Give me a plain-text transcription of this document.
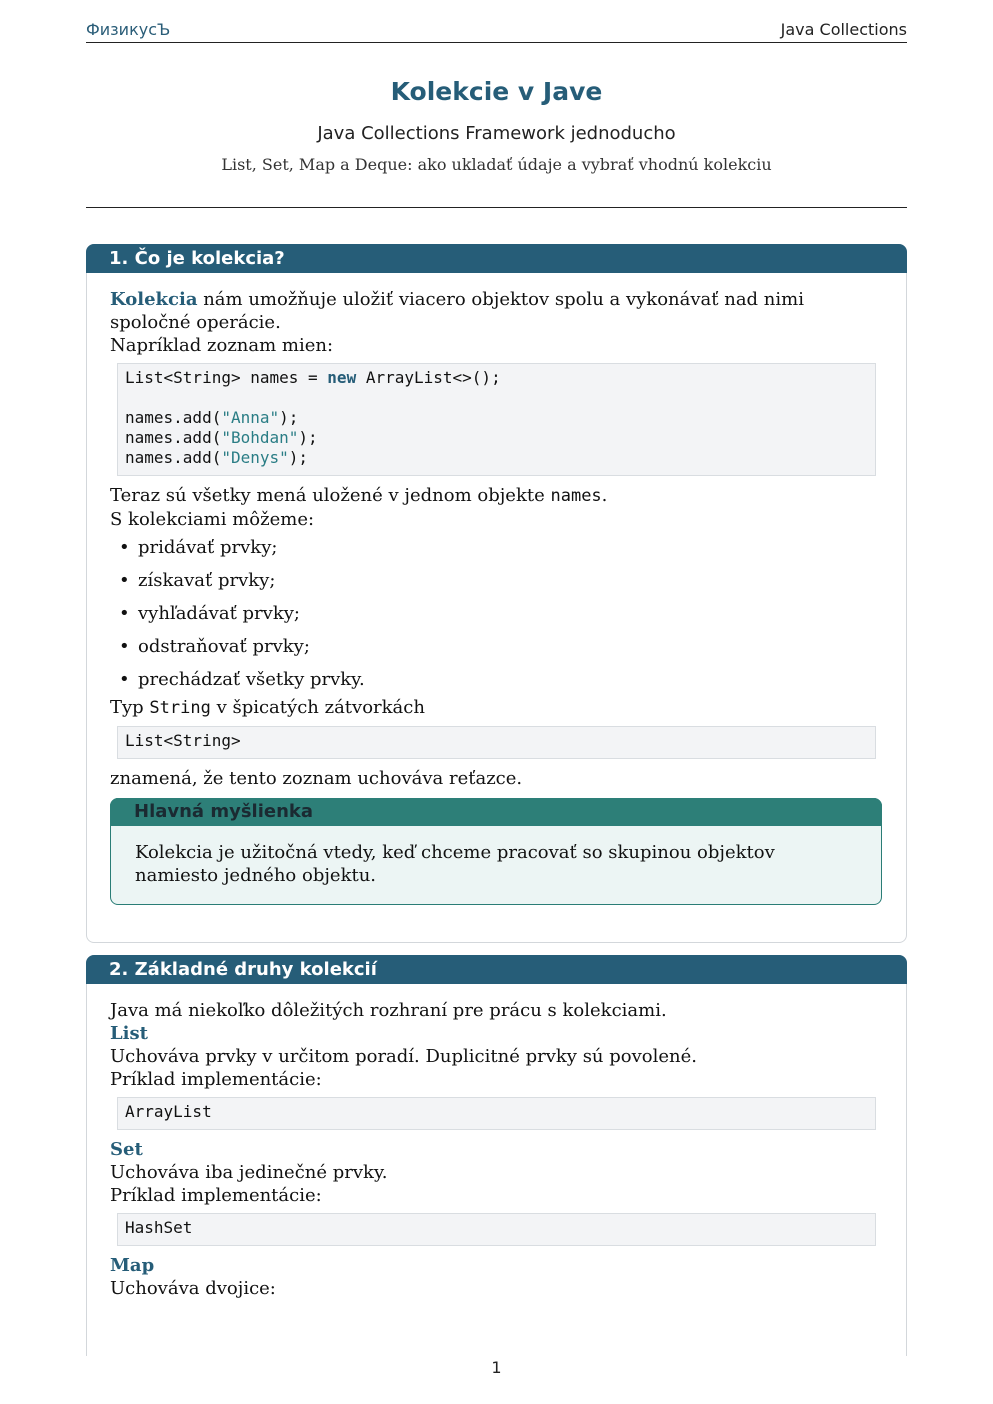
ФизикусЪ	Java Collections
Kolekcie v Jave
Java Collections Framework jednoducho
List, Set, Map a Deque: ako ukladať údaje a vybrať vhodnú kolekciu
1. Čo je kolekcia?

Kolekcia nám umožňuje uložiť viacero objektov spolu a vykonávať nad nimi spoločné operácie.

Napríklad zoznam mien:

List<String> names = new ArrayList<>();

names.add("Anna");
names.add("Bohdan");
names.add("Denys");

Teraz sú všetky mená uložené v jednom objekte names.

S kolekciami môžeme:

• pridávať prvky;
• získavať prvky;
• vyhľadávať prvky;
• odstraňovať prvky;
• prechádzať všetky prvky.

Typ String v špicatých zátvorkách

List<String>

znamená, že tento zoznam uchováva reťazce.

Hlavná myšlienka
Kolekcia je užitočná vtedy, keď chceme pracovať so skupinou objektov namiesto jedného objektu.
2. Základné druhy kolekcií

Java má niekoľko dôležitých rozhraní pre prácu s kolekciami.

List

Uchováva prvky v určitom poradí. Duplicitné prvky sú povolené.

Príklad implementácie:

ArrayList

Set

Uchováva iba jedinečné prvky.

Príklad implementácie:

HashSet

Map

Uchováva dvojice:

1
